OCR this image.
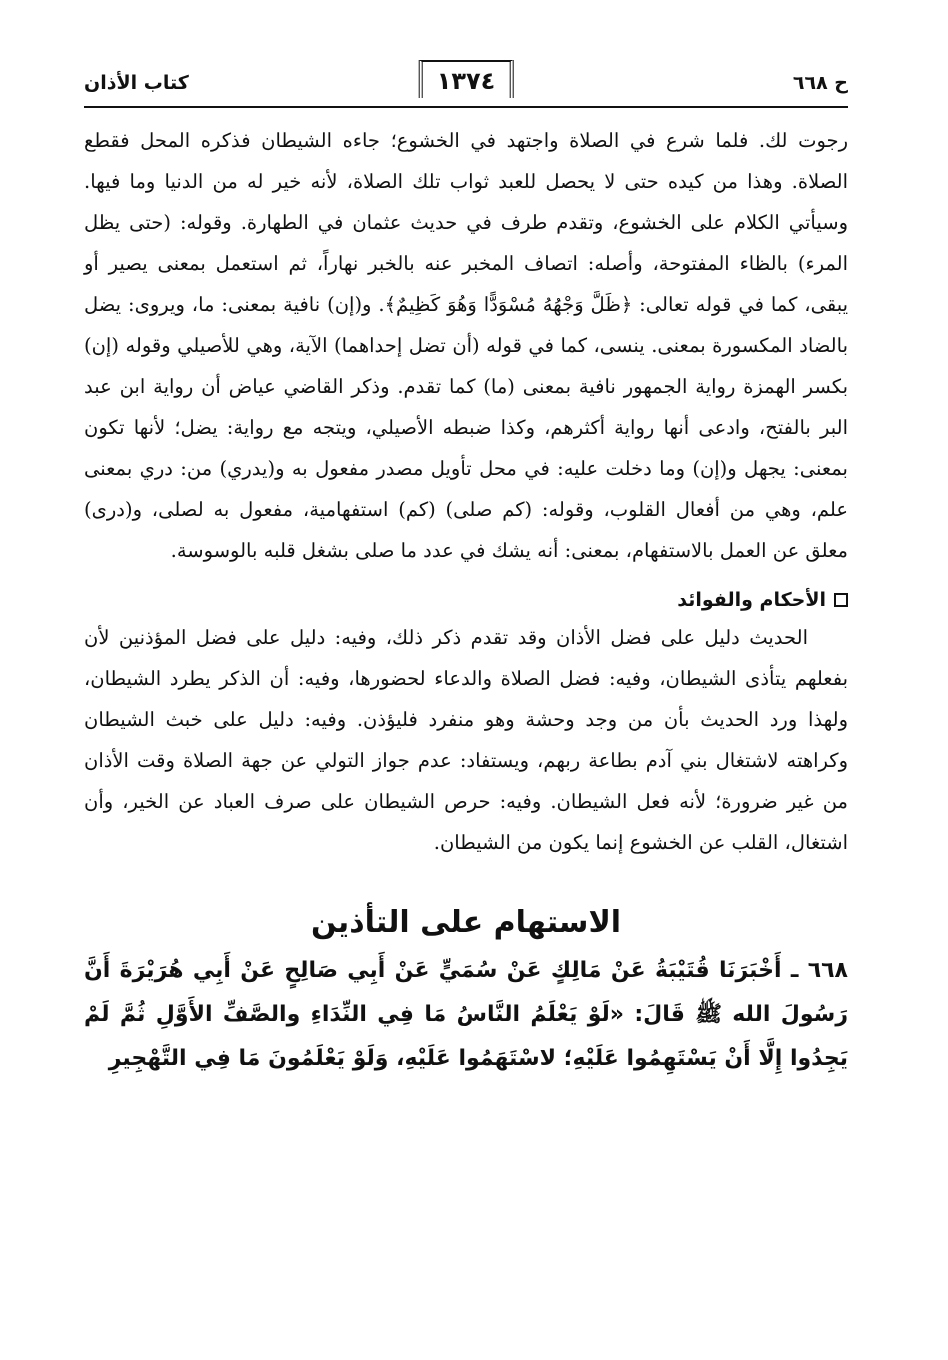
ح ٦٦٨
١٣٧٤
كتاب الأذان

رجوت لك. فلما شرع في الصلاة واجتهد في الخشوع؛ جاءه الشيطان فذكره المحل فقطع الصلاة. وهذا من كيده حتى لا يحصل للعبد ثواب تلك الصلاة، لأنه خير له من الدنيا وما فيها. وسيأتي الكلام على الخشوع، وتقدم طرف في حديث عثمان في الطهارة. وقوله: (حتى يظل المرء) بالظاء المفتوحة، وأصله: اتصاف المخبر عنه بالخبر نهاراً، ثم استعمل بمعنى يصير أو يبقى، كما في قوله تعالى: ﴿ظَلَّ وَجْهُهُ مُسْوَدًّا وَهُوَ كَظِيمٌ﴾. و(إن) نافية بمعنى: ما، ويروى: يضل بالضاد المكسورة بمعنى. ينسى، كما في قوله (أن تضل إحداهما) الآية، وهي للأصيلي وقوله (إن) بكسر الهمزة رواية الجمهور نافية بمعنى (ما) كما تقدم. وذكر القاضي عياض أن رواية ابن عبد البر بالفتح، وادعى أنها رواية أكثرهم، وكذا ضبطه الأصيلي، ويتجه مع رواية: يضل؛ لأنها تكون بمعنى: يجهل و(إن) وما دخلت عليه: في محل تأويل مصدر مفعول به و(يدري) من: دري بمعنى علم، وهي من أفعال القلوب، وقوله: (كم صلى) (كم) استفهامية، مفعول به لصلى، و(درى) معلق عن العمل بالاستفهام، بمعنى: أنه يشك في عدد ما صلى بشغل قلبه بالوسوسة.

الأحكام والفوائد

الحديث دليل على فضل الأذان وقد تقدم ذكر ذلك، وفيه: دليل على فضل المؤذنين لأن بفعلهم يتأذى الشيطان، وفيه: فضل الصلاة والدعاء لحضورها، وفيه: أن الذكر يطرد الشيطان، ولهذا ورد الحديث بأن من وجد وحشة وهو منفرد فليؤذن. وفيه: دليل على خبث الشيطان وكراهته لاشتغال بني آدم بطاعة ربهم، ويستفاد: عدم جواز التولي عن جهة الصلاة وقت الأذان من غير ضرورة؛ لأنه فعل الشيطان. وفيه: حرص الشيطان على صرف العباد عن الخير، وأن اشتغال، القلب عن الخشوع إنما يكون من الشيطان.

الاستهام على التأذين

٦٦٨ ـ أَخْبَرَنَا قُتَيْبَةُ عَنْ مَالِكٍ عَنْ سُمَيٍّ عَنْ أَبِي صَالِحٍ عَنْ أَبِي هُرَيْرَةَ أَنَّ رَسُولَ الله ﷺ قَالَ: «لَوْ يَعْلَمُ النَّاسُ مَا فِي النِّدَاءِ والصَّفِّ الأَوَّلِ ثُمَّ لَمْ يَجِدُوا إِلَّا أَنْ يَسْتَهِمُوا عَلَيْهِ؛ لاسْتَهَمُوا عَلَيْهِ، وَلَوْ يَعْلَمُونَ مَا فِي التَّهْجِيرِ
